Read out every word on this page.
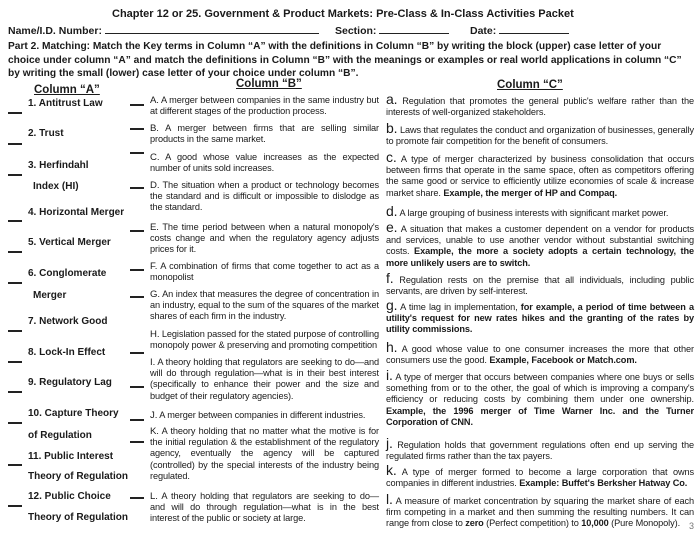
Chapter 12 or 25. Government & Product Markets: Pre-Class & In-Class Activities Packet
Name/I.D. Number:	Section:	Date:
Part 2. Matching: Match the Key terms in Column “A” with the definitions in Column “B” by writing the block (upper) case letter of your choice under column “A” and match the definitions in Column “B” with the meanings or examples or real world applications in column “C” by writing the small (lower) case letter of your choice under column “B”.
Column “A”	Column “B”	Column “C”
1. Antitrust Law
2. Trust
3. Herfindahl
Index (HI)
4. Horizontal Merger
5. Vertical Merger
6. Conglomerate
Merger
7. Network Good
8. Lock-In Effect
9. Regulatory Lag
10. Capture Theory
of Regulation
11. Public Interest
Theory of Regulation
12. Public Choice
Theory of Regulation
A. A merger between companies in the same industry but at different stages of the production process.
B. A merger between firms that are selling similar products in the same market.
C. A good whose value increases as the expected number of units sold increases.
D. The situation when a product or technology becomes the standard and is difficult or impossible to dislodge as the standard.
E. The time period between when a natural monopoly's costs change and when the regulatory agency adjusts prices for it.
F. A combination of firms that come together to act as a monopolist
G. An index that measures the degree of concentration in an industry, equal to the sum of the squares of the market shares of each firm in the industry.
H. Legislation passed for the stated purpose of controlling monopoly power & preserving and promoting competition
I. A theory holding that regulators are seeking to do—and will do through regulation—what is in their best interest (specifically to enhance their power and the size and budget of their regulatory agencies).
J. A merger between companies in different industries.
K. A theory holding that no matter what the motive is for the initial regulation & the establishment of the regulatory agency, eventually the agency will be captured (controlled) by the special interests of the industry being regulated.
L. A theory holding that regulators are seeking to do—and will do through regulation—what is in the best interest of the public or society at large.
a. Regulation that promotes the general public's welfare rather than the interests of well-organized stakeholders.
b. Laws that regulates the conduct and organization of businesses, generally to promote fair competition for the benefit of consumers.
c. A type of merger characterized by business consolidation that occurs between firms that operate in the same space, often as competitors offering the same good or service to efficiently utilize economies of scale & increase market share. Example, the merger of HP and Compaq.
d. A large grouping of business interests with significant market power.
e. A situation that makes a customer dependent on a vendor for products and services, unable to use another vendor without substantial switching costs. Example, the more a society adopts a certain technology, the more unlikely users are to switch.
f. Regulation rests on the premise that all individuals, including public servants, are driven by self-interest.
g. A time lag in implementation, for example, a period of time between a utility's request for new rates hikes and the granting of the rates by utility commissions.
h. A good whose value to one consumer increases the more that other consumers use the good. Example, Facebook or Match.com.
i. A type of merger that occurs between companies where one buys or sells something from or to the other, the goal of which is improving a company's efficiency or reducing costs by combining them under one ownership. Example, the 1996 merger of Time Warner Inc. and the Turner Corporation of CNN.
j. Regulation holds that government regulations often end up serving the regulated firms rather than the tax payers.
k. A type of merger formed to become a large corporation that owns companies in different industries. Example: Buffet's Berksher Hatway Co.
l. A measure of market concentration by squaring the market share of each firm competing in a market and then summing the resulting numbers. It can range from close to zero (Perfect competition) to 10,000 (Pure Monopoly). 3
